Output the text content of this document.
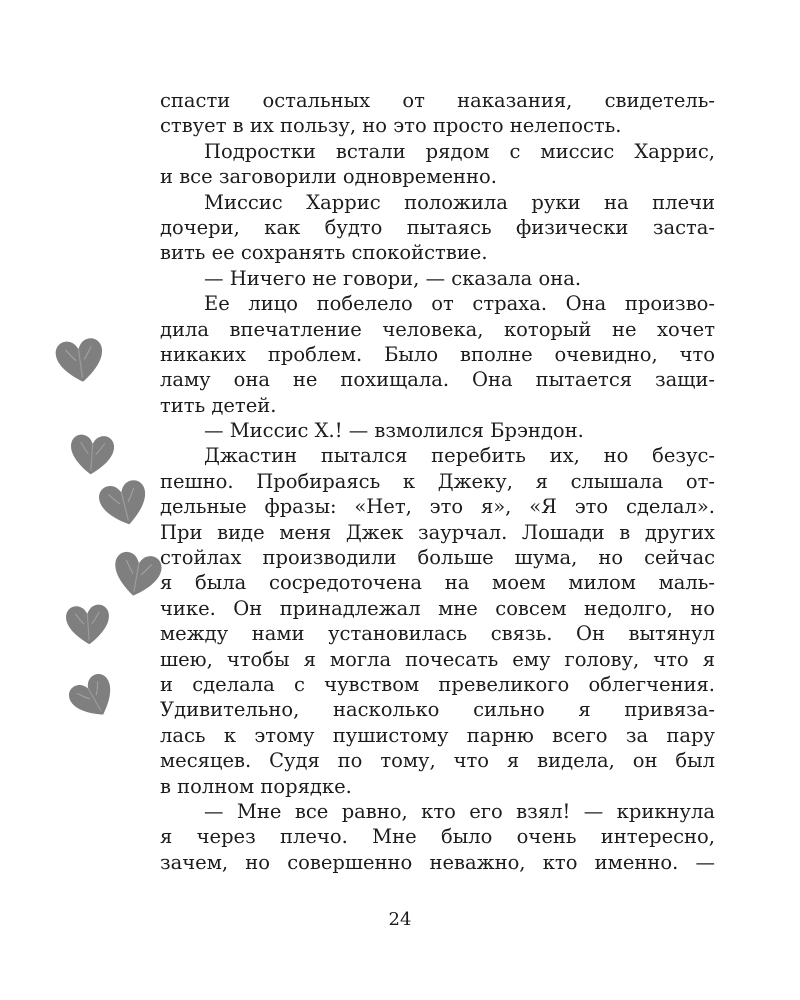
спасти остальных от наказания, свидетель-
ствует в их пользу, но это просто нелепость.
Подростки встали рядом с миссис Харрис,
и все заговорили одновременно.
Миссис Харрис положила руки на плечи
дочери, как будто пытаясь физически заста-
вить ее сохранять спокойствие.
— Ничего не говори, — сказала она.
Ее лицо побелело от страха. Она произво-
дила впечатление человека, который не хочет
никаких проблем. Было вполне очевидно, что
ламу она не похищала. Она пытается защи-
тить детей.
— Миссис Х.! — взмолился Брэндон.
Джастин пытался перебить их, но безус-
пешно. Пробираясь к Джеку, я слышала от-
дельные фразы: «Нет, это я», «Я это сделал».
При виде меня Джек заурчал. Лошади в других
стойлах производили больше шума, но сейчас
я была сосредоточена на моем милом маль-
чике. Он принадлежал мне совсем недолго, но
между нами установилась связь. Он вытянул
шею, чтобы я могла почесать ему голову, что я
и сделала с чувством превеликого облегчения.
Удивительно, насколько сильно я привяза-
лась к этому пушистому парню всего за пару
месяцев. Судя по тому, что я видела, он был
в полном порядке.
— Мне все равно, кто его взял! — крикнула
я через плечо. Мне было очень интересно,
зачем, но совершенно неважно, кто именно. —
24
